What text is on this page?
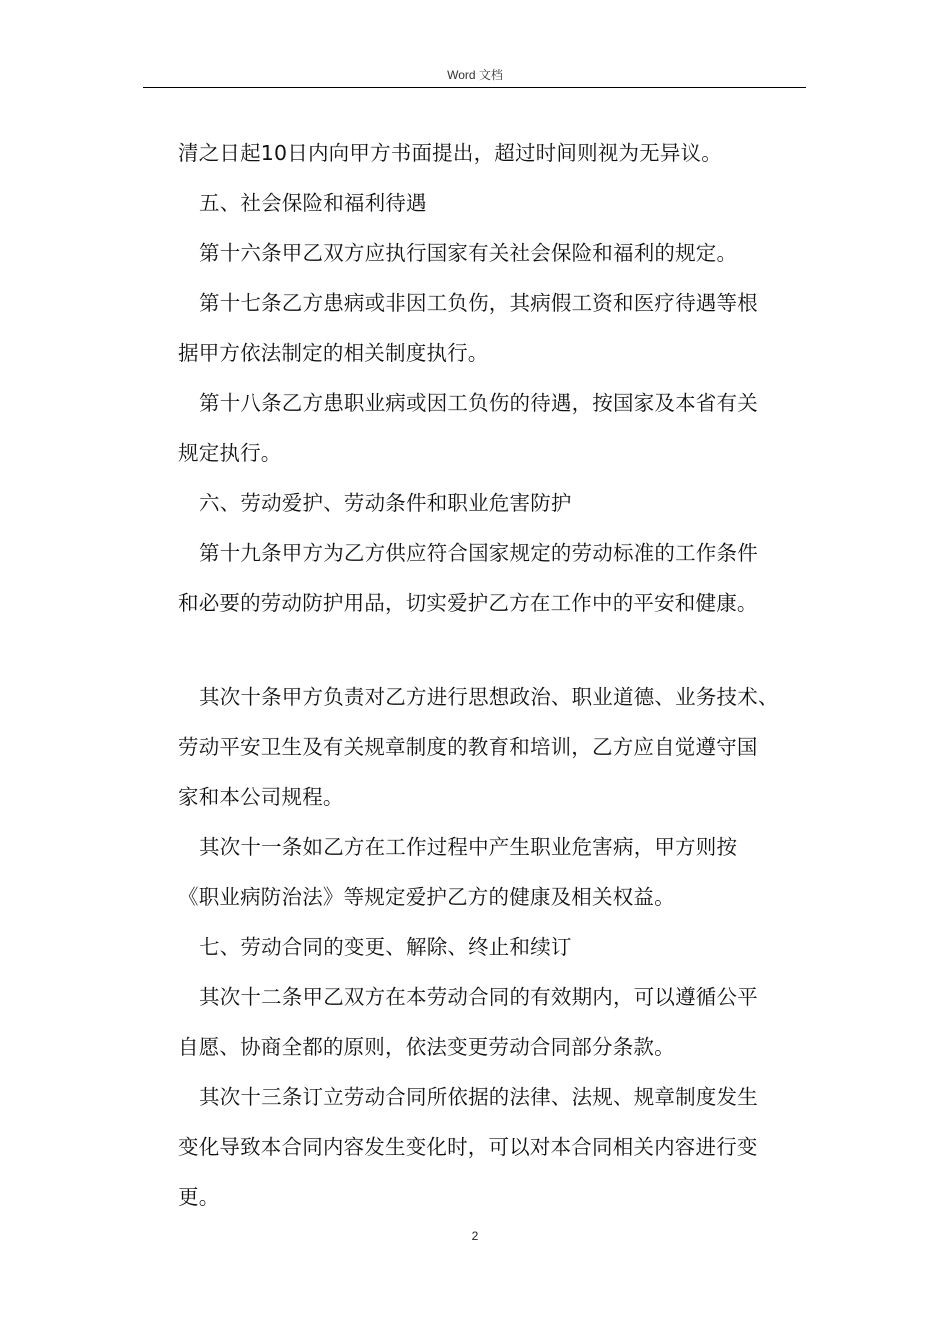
Word 文档
清之日起10日内向甲方书面提出，超过时间则视为无异议。
五、社会保险和福利待遇
第十六条甲乙双方应执行国家有关社会保险和福利的规定。
第十七条乙方患病或非因工负伤，其病假工资和医疗待遇等根
据甲方依法制定的相关制度执行。
第十八条乙方患职业病或因工负伤的待遇，按国家及本省有关
规定执行。
六、劳动爱护、劳动条件和职业危害防护
第十九条甲方为乙方供应符合国家规定的劳动标准的工作条件
和必要的劳动防护用品，切实爱护乙方在工作中的平安和健康。
其次十条甲方负责对乙方进行思想政治、职业道德、业务技术、
劳动平安卫生及有关规章制度的教育和培训，乙方应自觉遵守国
家和本公司规程。
其次十一条如乙方在工作过程中产生职业危害病，甲方则按
《职业病防治法》等规定爱护乙方的健康及相关权益。
七、劳动合同的变更、解除、终止和续订
其次十二条甲乙双方在本劳动合同的有效期内，可以遵循公平
自愿、协商全都的原则，依法变更劳动合同部分条款。
其次十三条订立劳动合同所依据的法律、法规、规章制度发生
变化导致本合同内容发生变化时，可以对本合同相关内容进行变
更。
2
